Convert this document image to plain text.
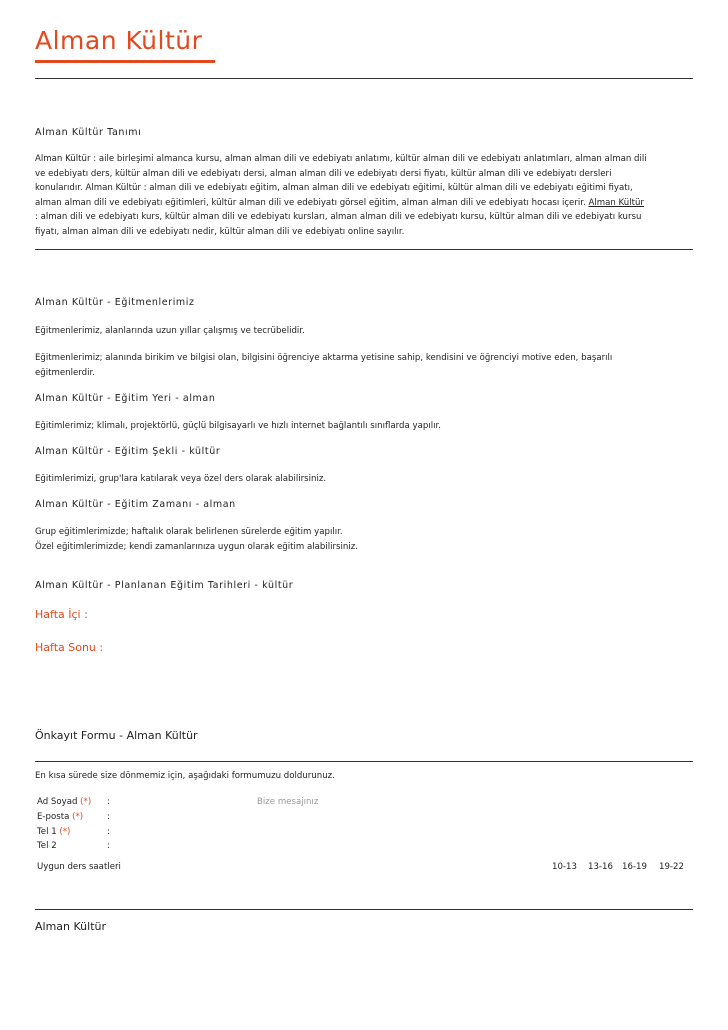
Alman Kültür
Alman Kültür Tanımı
Alman Kültür : aile birleşimi almanca kursu, alman alman dili ve edebiyatı anlatımı, kültür alman dili ve edebiyatı anlatımları, alman alman dili
ve edebiyatı ders, kültür alman dili ve edebiyatı dersi, alman alman dili ve edebiyatı dersi fiyatı, kültür alman dili ve edebiyatı dersleri
konularıdır. Alman Kültür : alman dili ve edebiyatı eğitim, alman alman dili ve edebiyatı eğitimi, kültür alman dili ve edebiyatı eğitimi fiyatı,
alman alman dili ve edebiyatı eğitimleri, kültür alman dili ve edebiyatı görsel eğitim, alman alman dili ve edebiyatı hocası içerir. Alman Kültür
: alman dili ve edebiyatı kurs, kültür alman dili ve edebiyatı kursları, alman alman dili ve edebiyatı kursu, kültür alman dili ve edebiyatı kursu
fiyatı, alman alman dili ve edebiyatı nedir, kültür alman dili ve edebiyatı online sayılır.
Alman Kültür - Eğitmenlerimiz
Eğitmenlerimiz, alanlarında uzun yıllar çalışmış ve tecrübelidir.
Eğitmenlerimiz; alanında birikim ve bilgisi olan, bilgisini öğrenciye aktarma yetisine sahip, kendisini ve öğrenciyi motive eden, başarılı
eğitmenlerdir.
Alman Kültür - Eğitim Yeri - alman
Eğitimlerimiz; klimalı, projektörlü, güçlü bilgisayarlı ve hızlı internet bağlantılı sınıflarda yapılır.
Alman Kültür - Eğitim Şekli - kültür
Eğitimlerimizi, grup'lara katılarak veya özel ders olarak alabilirsiniz.
Alman Kültür - Eğitim Zamanı - alman
Grup eğitimlerimizde; haftalık olarak belirlenen sürelerde eğitim yapılır.
Özel eğitimlerimizde; kendi zamanlarınıza uygun olarak eğitim alabilirsiniz.
Alman Kültür - Planlanan Eğitim Tarihleri - kültür
Hafta İçi :
Hafta Sonu :
Önkayıt Formu - Alman Kültür
En kısa sürede size dönmemiz için, aşağıdaki formumuzu doldurunuz.
Ad Soyad (*) :	Bize mesajınız
E-posta (*)	:
Tel 1 (*)	:
Tel 2	:
Uygun ders saatleri	10-13 13-16 16-19 19-22
Alman Kültür
